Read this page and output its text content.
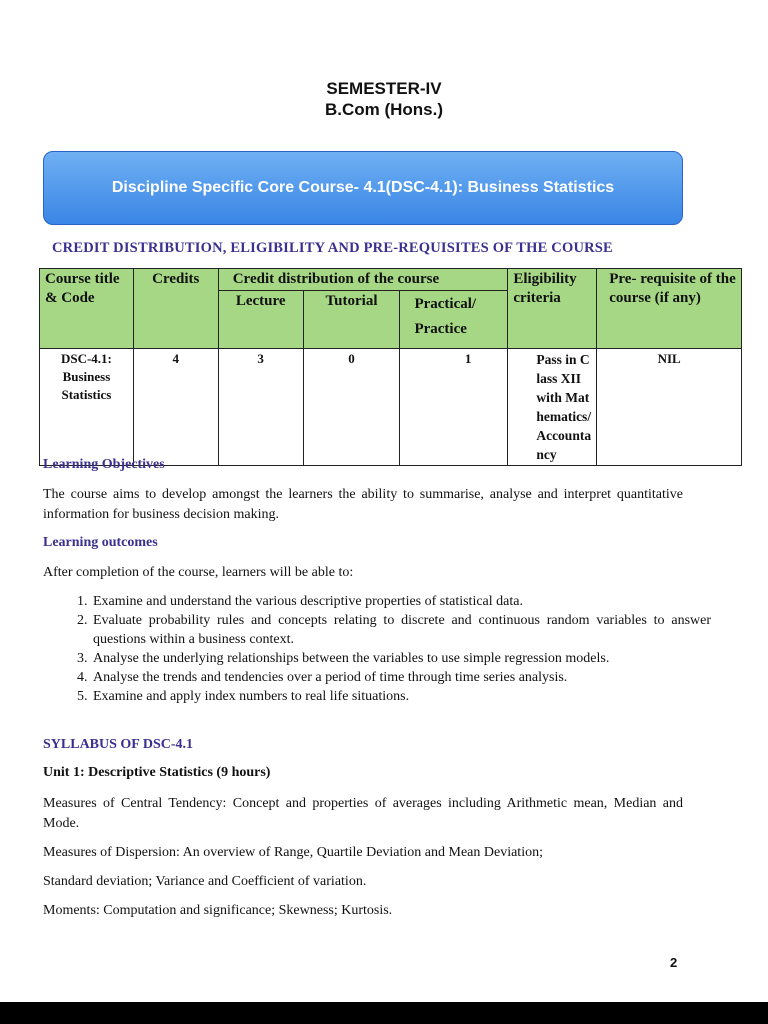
SEMESTER-IV
B.Com (Hons.)
Discipline Specific Core Course- 4.1(DSC-4.1): Business Statistics
CREDIT DISTRIBUTION, ELIGIBILITY AND PRE-REQUISITES OF THE COURSE
Course title & Code	Credits	Credit distribution of the course			Eligibility criteria	Pre- requisite of the course (if any)
		Lecture	Tutorial	Practical/ Practice		
DSC-4.1: Business Statistics	4	3	0	1	Pass in Class XII with Mathematics/Accountancy	NIL
Learning Objectives
The course aims to develop amongst the learners the ability to summarise, analyse and interpret quantitative information for business decision making.
Learning outcomes
After completion of the course, learners will be able to:
1. Examine and understand the various descriptive properties of statistical data.
2. Evaluate probability rules and concepts relating to discrete and continuous random variables to answer questions within a business context.
3. Analyse the underlying relationships between the variables to use simple regression models.
4. Analyse the trends and tendencies over a period of time through time series analysis.
5. Examine and apply index numbers to real life situations.
SYLLABUS OF DSC-4.1
Unit 1: Descriptive Statistics (9 hours)
Measures of Central Tendency: Concept and properties of averages including Arithmetic mean, Median and Mode.
Measures of Dispersion: An overview of Range, Quartile Deviation and Mean Deviation;
Standard deviation; Variance and Coefficient of variation.
Moments: Computation and significance; Skewness; Kurtosis.
2
